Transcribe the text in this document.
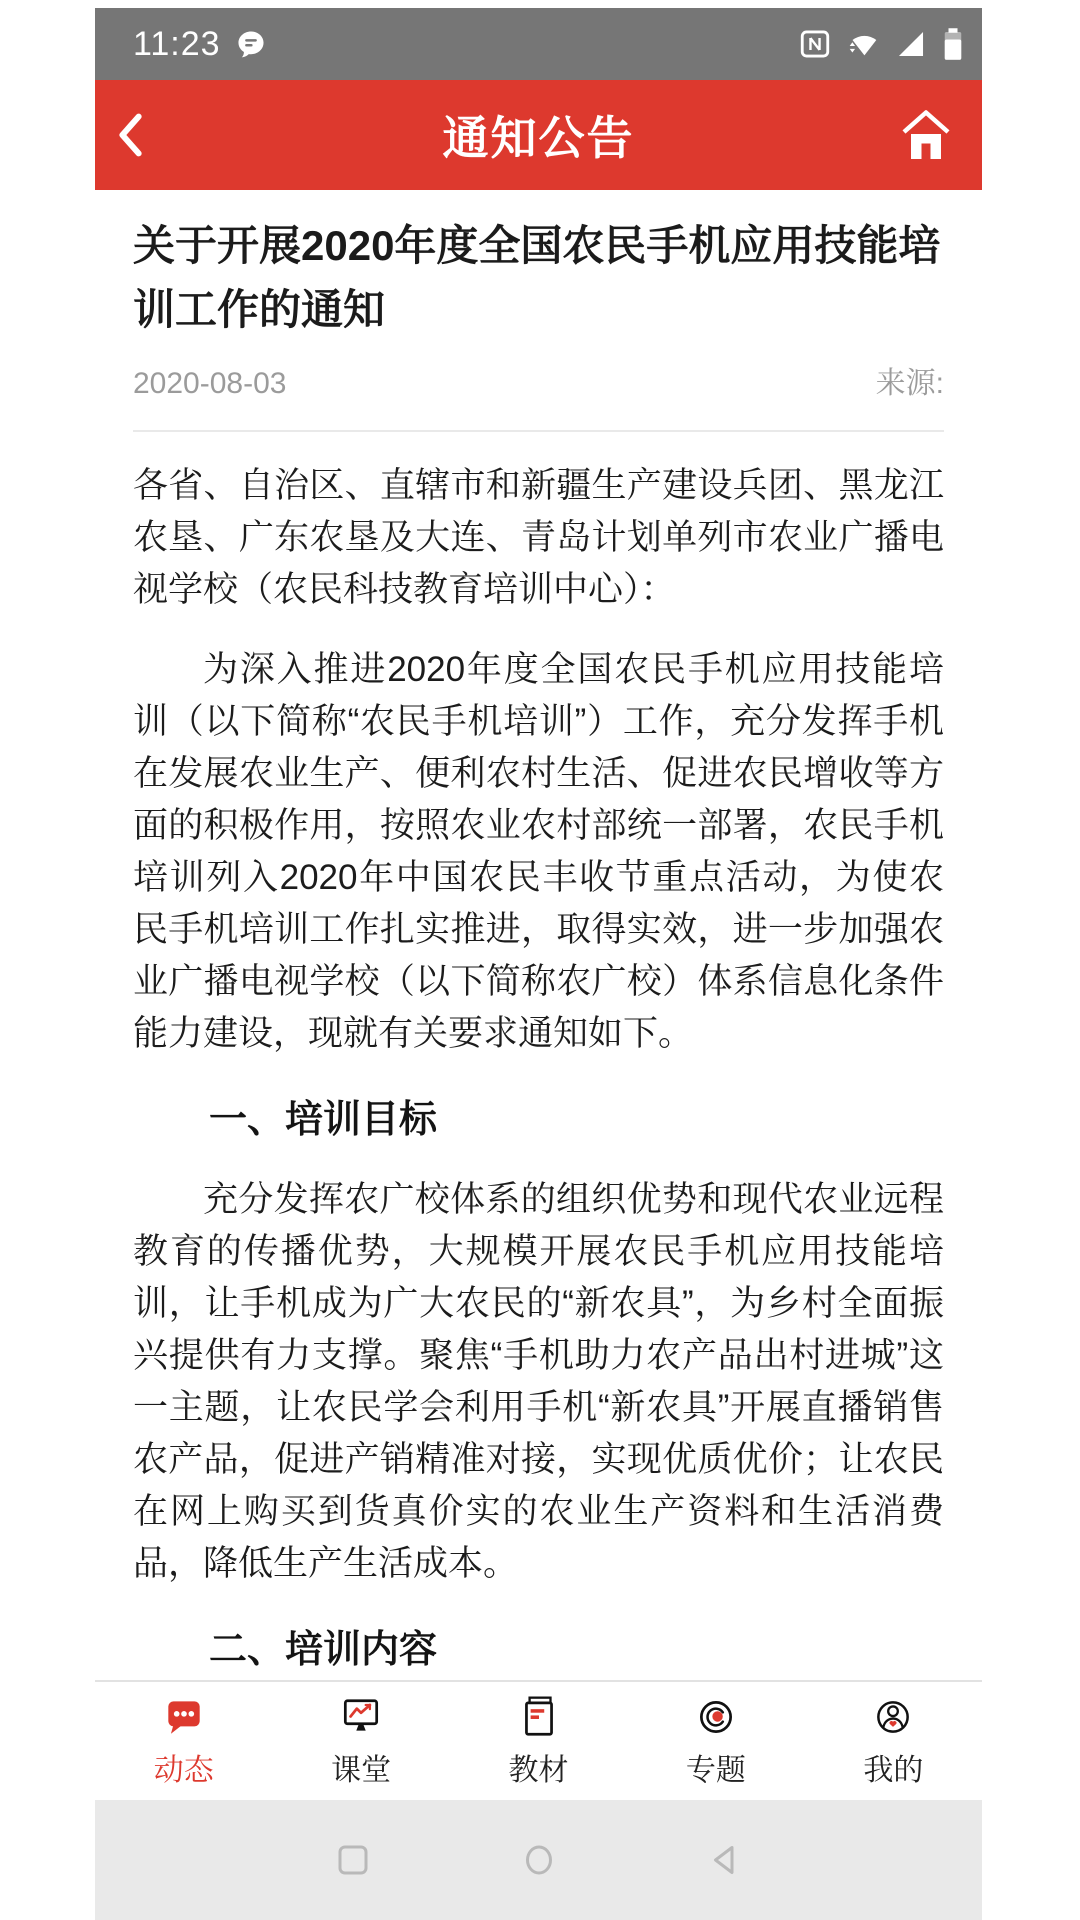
11:23
通知公告
关于开展2020年度全国农民手机应用技能培训工作的通知
2020-08-03	来源:

各省、自治区、直辖市和新疆生产建设兵团、黑龙江农垦、广东农垦及大连、青岛计划单列市农业广播电视学校（农民科技教育培训中心）：

为深入推进2020年度全国农民手机应用技能培训（以下简称“农民手机培训”）工作，充分发挥手机在发展农业生产、便利农村生活、促进农民增收等方面的积极作用，按照农业农村部统一部署，农民手机培训列入2020年中国农民丰收节重点活动，为使农民手机培训工作扎实推进，取得实效，进一步加强农业广播电视学校（以下简称农广校）体系信息化条件能力建设，现就有关要求通知如下。

一、培训目标

充分发挥农广校体系的组织优势和现代农业远程教育的传播优势，大规模开展农民手机应用技能培训，让手机成为广大农民的“新农具”，为乡村全面振兴提供有力支撑。聚焦“手机助力农产品出村进城”这一主题，让农民学会利用手机“新农具”开展直播销售农产品，促进产销精准对接，实现优质优价；让农民在网上购买到货真价实的农业生产资料和生活消费品，降低生产生活成本。

二、培训内容
动态	课堂	教材	专题	我的
